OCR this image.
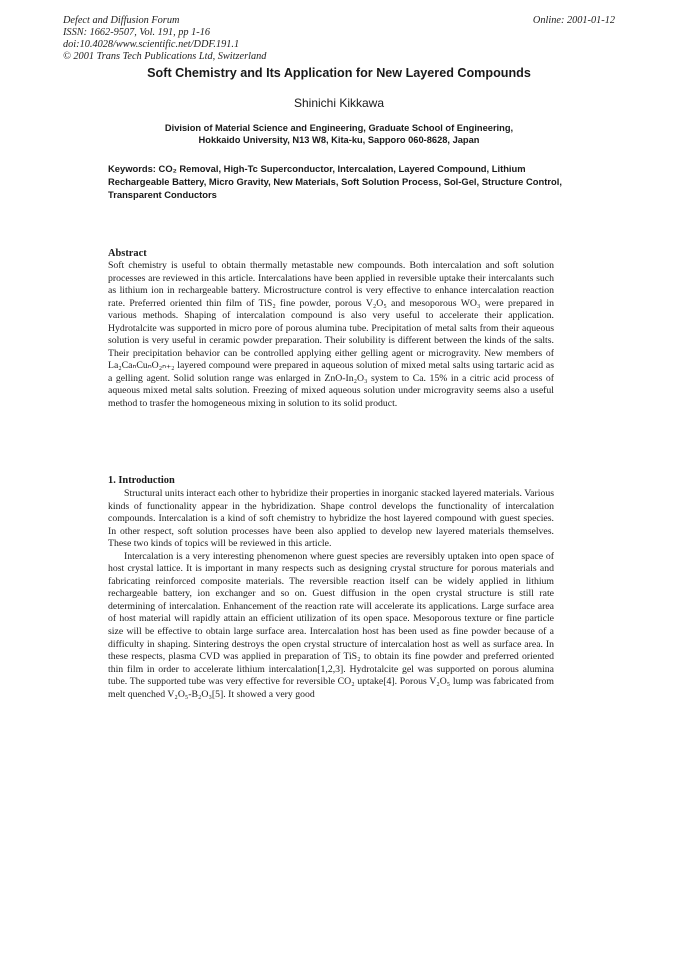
Defect and Diffusion Forum
ISSN: 1662-9507, Vol. 191, pp 1-16
doi:10.4028/www.scientific.net/DDF.191.1
© 2001 Trans Tech Publications Ltd, Switzerland
Online: 2001-01-12
Soft Chemistry and Its Application for New Layered Compounds
Shinichi Kikkawa
Division of Material Science and Engineering, Graduate School of Engineering,
Hokkaido University, N13 W8, Kita-ku, Sapporo 060-8628, Japan
Keywords: CO₂ Removal, High-Tc Superconductor, Intercalation, Layered Compound, Lithium Rechargeable Battery, Micro Gravity, New Materials, Soft Solution Process, Sol-Gel, Structure Control, Transparent Conductors
Abstract

Soft chemistry is useful to obtain thermally metastable new compounds. Both intercalation and soft solution processes are reviewed in this article. Intercalations have been applied in reversible uptake their intercalants such as lithium ion in rechargeable battery. Microstructure control is very effective to enhance intercalation reaction rate. Preferred oriented thin film of TiS₂ fine powder, porous V₂O₅ and mesoporous WO₃ were prepared in various methods. Shaping of intercalation compound is also very useful to accelerate their application. Hydrotalcite was supported in micro pore of porous alumina tube. Precipitation of metal salts from their aqueous solution is very useful in ceramic powder preparation. Their solubility is different between the kinds of the salts. Their precipitation behavior can be controlled applying either gelling agent or microgravity. New members of La₂CaₙCuₙO₂ₙ₊₂ layered compound were prepared in aqueous solution of mixed metal salts using tartaric acid as a gelling agent. Solid solution range was enlarged in ZnO-In₂O₃ system to Ca. 15% in a citric acid process of aqueous mixed metal salts solution. Freezing of mixed aqueous solution under microgravity seems also a useful method to trasfer the homogeneous mixing in solution to its solid product.

1. Introduction

Structural units interact each other to hybridize their properties in inorganic stacked layered materials. Various kinds of functionality appear in the hybridization. Shape control develops the functionality of intercalation compounds. Intercalation is a kind of soft chemistry to hybridize the host layered compound with guest species. In other respect, soft solution processes have been also applied to develop new layered materials themselves. These two kinds of topics will be reviewed in this article.

Intercalation is a very interesting phenomenon where guest species are reversibly uptaken into open space of host crystal lattice. It is important in many respects such as designing crystal structure for porous materials and fabricating reinforced composite materials. The reversible reaction itself can be widely applied in lithium rechargeable battery, ion exchanger and so on. Guest diffusion in the open crystal structure is still rate determining of intercalation. Enhancement of the reaction rate will accelerate its applications. Large surface area of host material will rapidly attain an efficient utilization of its open space. Mesoporous texture or fine particle size will be effective to obtain large surface area. Intercalation host has been used as fine powder because of a difficulty in shaping. Sintering destroys the open crystal structure of intercalation host as well as surface area. In these respects, plasma CVD was applied in preparation of TiS₂ to obtain its fine powder and preferred oriented thin film in order to accelerate lithium intercalation[1,2,3]. Hydrotalcite gel was supported on porous alumina tube. The supported tube was very effective for reversible CO₂ uptake[4]. Porous V₂O₅ lump was fabricated from melt quenched V₂O₅-B₂O₃[5]. It showed a very good
